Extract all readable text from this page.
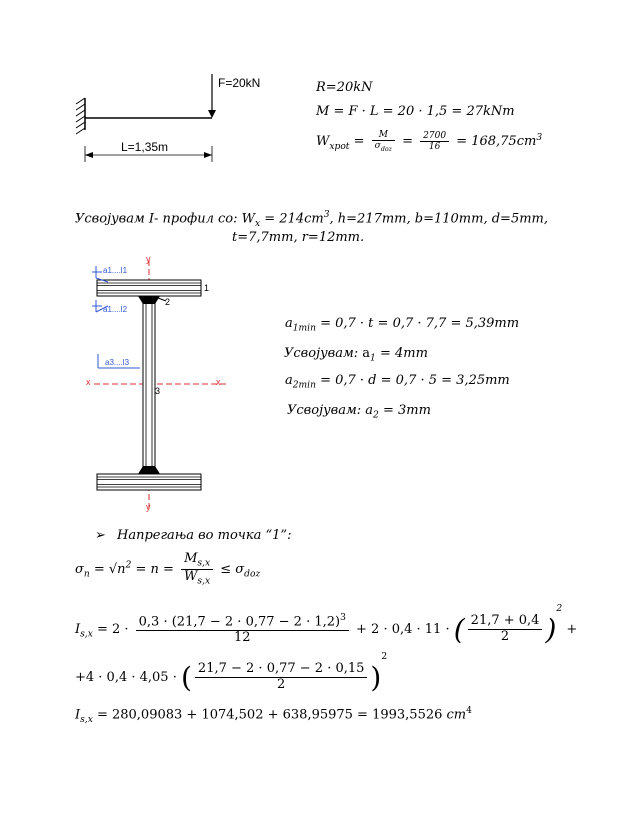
F=20kN
L=1,35m
R=20kN
M = F · L = 20 · 1,5 = 27kNm
$W_{xpot} = \frac{M}{\sigma_{doz}} = \frac{2700}{16} = 168,75cm^3$
Усвојувам I- профил со: $W_x = 214cm^3$, h=217mm, b=110mm, d=5mm,
t=7,7mm, r=12mm.
a1....l1
a1....l2
a3....l3
1
2
3
y
y
x	x
$a_{1min} = 0,7 \cdot t = 0,7 \cdot 7,7 = 5,39mm$
Усвојувам: $a_1 = 4mm$
$a_{2min} = 0,7 \cdot d = 0,7 \cdot 5 = 3,25mm$
Усвојувам: $a_2 = 3mm$
➢ Напрегања во точка “1”:
$\sigma_n = √n^2 = n = \frac{M_{s,x}}{W_{s,x}} \le \sigma_{doz}$
$I_{s,x} = 2 \cdot \frac{0,3 \cdot (21,7 - 2 \cdot 0,77 - 2 \cdot 1,2)^3}{12} + 2 \cdot 0,4 \cdot 11$ · ( $\frac{21,7 + 0,4}{2} )^2$ +
+4 · 0,4 · 4,05 · ( $\frac{21,7 - 2 \cdot 0,77 - 2 \cdot 0,15}{2} )^2$
$I_{s,x} = 280,09083 + 1074,502 + 638,95975 = 1993,5526$ $cm^4$
